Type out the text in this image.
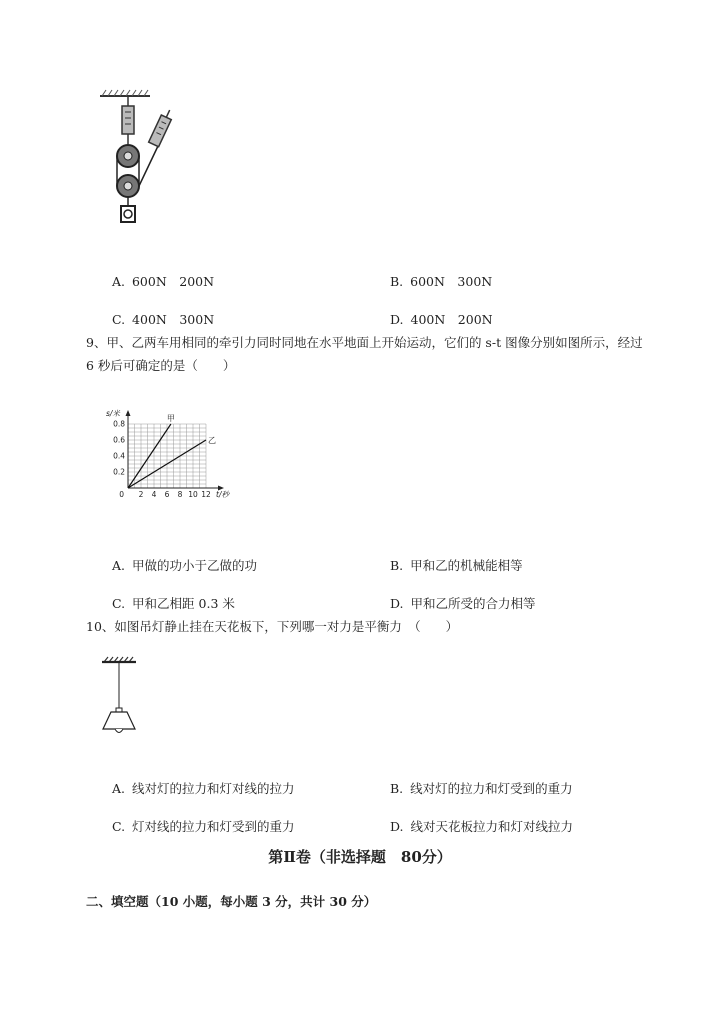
A. 600N　200N	B. 600N　300N

C. 400N　300N	D. 400N　200N

9、甲、乙两车用相同的牵引力同时同地在水平地面上开始运动，它们的 s-t 图像分别如图所示，经过
6 秒后可确定的是（　　）
2 4 6 8 10 12
0.2
0.4
0.6
0.8
0
s/米
t/秒
甲
乙

A. 甲做的功小于乙做的功	B. 甲和乙的机械能相等

C. 甲和乙相距 0.3 米	D. 甲和乙所受的合力相等

10、如图吊灯静止挂在天花板下，下列哪一对力是平衡力　（　　）

A. 线对灯的拉力和灯对线的拉力	B. 线对灯的拉力和灯受到的重力

C. 灯对线的拉力和灯受到的重力	D. 线对天花板拉力和灯对线拉力

第Ⅱ卷（非选择题　80分）
二、填空题（10 小题，每小题 3 分，共计 30 分）
